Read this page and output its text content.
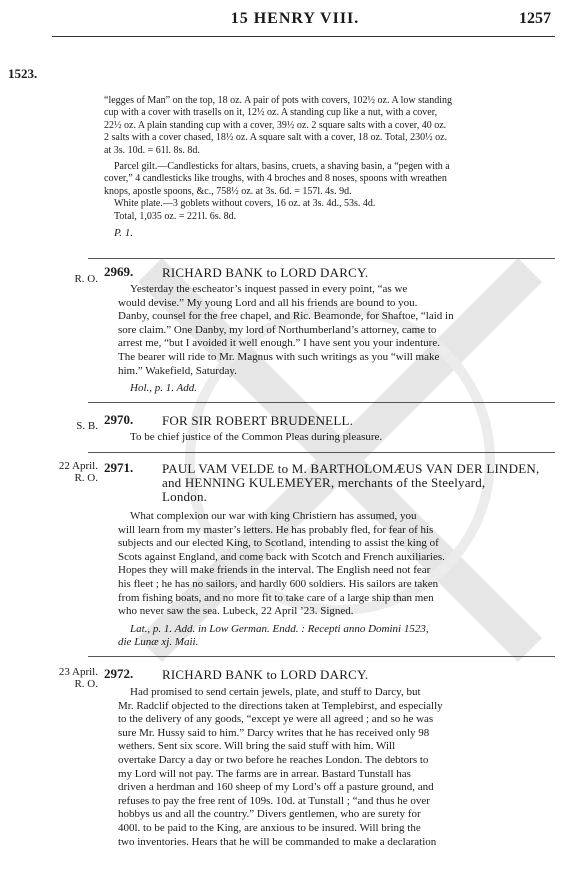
15 HENRY VIII.	1257
1523.
“legges of Man” on the top, 18 oz. A pair of pots with covers, 102½ oz. A low standing
cup with a cover with trasells on it, 12½ oz. A standing cup like a nut, with a cover,
22½ oz. A plain standing cup with a cover, 39½ oz. 2 square salts with a cover, 40 oz.
2 salts with a cover chased, 18½ oz. A square salt with a cover, 18 oz. Total, 230½ oz.
at 3s. 10d. = 61l. 8s. 8d.
Parcel gilt.—Candlesticks for altars, basins, cruets, a shaving basin, a “pegen with a
cover,” 4 candlesticks like troughs, with 4 broches and 8 noses, spoons with wreathen
knops, apostle spoons, &c., 758½ oz. at 3s. 6d. = 157l. 4s. 9d.
White plate.—3 goblets without covers, 16 oz. at 3s. 4d., 53s. 4d.
Total, 1,035 oz. = 221l. 6s. 8d.
P. 1.
R. O. 2969. RICHARD BANK to LORD DARCY.
Yesterday the escheator’s inquest passed in every point, “as we
would devise.” My young Lord and all his friends are bound to you.
Danby, counsel for the free chapel, and Ric. Beamonde, for Shaftoe, “laid in
sore claim.” One Danby, my lord of Northumberland’s attorney, came to
arrest me, “but I avoided it well enough.” I have sent you your indenture.
The bearer will ride to Mr. Magnus with such writings as you “will make
him.” Wakefield, Saturday.
Hol., p. 1. Add.
S. B. 2970. FOR SIR ROBERT BRUDENELL.
To be chief justice of the Common Pleas during pleasure.
22 April.
R. O.
2971. PAUL VAM VELDE to M. BARTHOLOMÆUS VAN DER LINDEN,
and HENNING KULEMEYER, merchants of the Steelyard,
London.
What complexion our war with king Christiern has assumed, you
will learn from my master’s letters. He has probably fled, for fear of his
subjects and our elected King, to Scotland, intending to assist the king of
Scots against England, and come back with Scotch and French auxiliaries.
Hopes they will make friends in the interval. The English need not fear
his fleet ; he has no sailors, and hardly 600 soldiers. His sailors are taken
from fishing boats, and no more fit to take care of a large ship than men
who never saw the sea. Lubeck, 22 April ’23. Signed.
Lat., p. 1. Add. in Low German. Endd. : Recepti anno Domini 1523,
die Lunæ xj. Maii.
23 April.
R. O.
2972. RICHARD BANK to LORD DARCY.
Had promised to send certain jewels, plate, and stuff to Darcy, but
Mr. Radclif objected to the directions taken at Templebirst, and especially
to the delivery of any goods, “except ye were all agreed ; and so he was
sure Mr. Hussy said to him.” Darcy writes that he has received only 98
wethers. Sent six score. Will bring the said stuff with him. Will
overtake Darcy a day or two before he reaches London. The debtors to
my Lord will not pay. The farms are in arrear. Bastard Tunstall has
driven a herdman and 160 sheep of my Lord’s off a pasture ground, and
refuses to pay the free rent of 109s. 10d. at Tunstall ; “and thus he over
hobbys us and all the country.” Divers gentlemen, who are surety for
400l. to be paid to the King, are anxious to be insured. Will bring the
two inventories. Hears that he will be commanded to make a declaration
